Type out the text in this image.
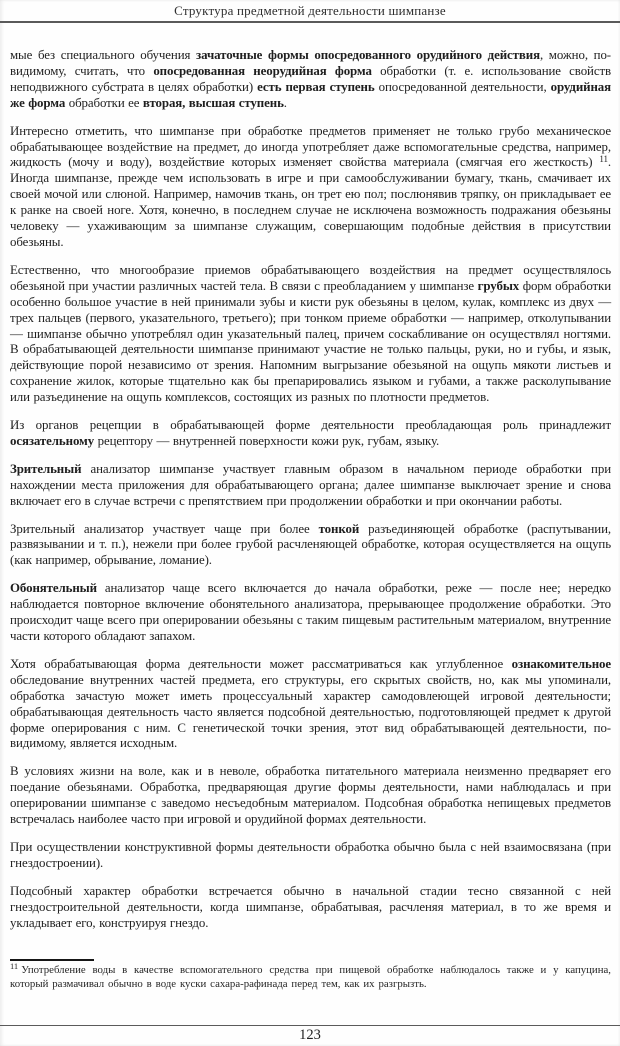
Структура предметной деятельности шимпанзе

мые без специального обучения зачаточные формы опосредованного орудийного действия, можно, по-видимому, считать, что опосредованная неорудийная форма обработки (т. е. использование свойств неподвижного субстрата в целях обработки) есть первая ступень опосредованной деятельности, орудийная же форма обработки ее вторая, высшая ступень.

Интересно отметить, что шимпанзе при обработке предметов применяет не только грубо механическое обрабатывающее воздействие на предмет, до иногда употребляет даже вспомогательные средства, например, жидкость (мочу и воду), воздействие которых изменяет свойства материала (смягчая его жесткость) $^{11}$. Иногда шимпанзе, прежде чем использовать в игре и при самообслуживании бумагу, ткань, смачивает их своей мочой или слюной. Например, намочив ткань, он трет ею пол; послюнявив тряпку, он прикладывает ее к ранке на своей ноге. Хотя, конечно, в последнем случае не исключена возможность подражания обезьяны человеку — ухаживающим за шимпанзе служащим, совершающим подобные действия в присутствии обезьяны.

Естественно, что многообразие приемов обрабатывающего воздействия на предмет осуществлялось обезьяной при участии различных частей тела. В связи с преобладанием у шимпанзе грубых форм обработки особенно большое участие в ней принимали зубы и кисти рук обезьяны в целом, кулак, комплекс из двух — трех пальцев (первого, указательного, третьего); при тонком приеме обработки — например, отколупывании — шимпанзе обычно употреблял один указательный палец, причем соскабливание он осуществлял ногтями. В обрабатывающей деятельности шимпанзе принимают участие не только пальцы, руки, но и губы, и язык, действующие порой независимо от зрения. Напомним выгрызание обезьяной на ощупь мякоти листьев и сохранение жилок, которые тщательно как бы препарировались языком и губами, а также расколупывание или разъединение на ощупь комплексов, состоящих из разных по плотности предметов.

Из органов рецепции в обрабатывающей форме деятельности преобладающая роль принадлежит осязательному рецептору — внутренней поверхности кожи рук, губам, языку.

Зрительный анализатор шимпанзе участвует главным образом в начальном периоде обработки при нахождении места приложения для обрабатывающего органа; далее шимпанзе выключает зрение и снова включает его в случае встречи с препятствием при продолжении обработки и при окончании работы.

Зрительный анализатор участвует чаще при более тонкой разъединяющей обработке (распутывании, развязывании и т. п.), нежели при более грубой расчленяющей обработке, которая осуществляется на ощупь (как например, обрывание, ломание).

Обонятельный анализатор чаще всего включается до начала обработки, реже — после нее; нередко наблюдается повторное включение обонятельного анализатора, прерывающее продолжение обработки. Это происходит чаще всего при оперировании обезьяны с таким пищевым растительным материалом, внутренние части которого обладают запахом.

Хотя обрабатывающая форма деятельности может рассматриваться как углубленное ознакомительное обследование внутренних частей предмета, его структуры, его скрытых свойств, но, как мы упоминали, обработка зачастую может иметь процессуальный характер самодовлеющей игровой деятельности; обрабатывающая деятельность часто является подсобной деятельностью, подготовляющей предмет к другой форме оперирования с ним. С генетической точки зрения, этот вид обрабатывающей деятельности, по-видимому, является исходным.

В условиях жизни на воле, как и в неволе, обработка питательного материала неизменно предваряет его поедание обезьянами. Обработка, предваряющая другие формы деятельности, нами наблюдалась и при оперировании шимпанзе с заведомо несъедобным материалом. Подсобная обработка непищевых предметов встречалась наиболее часто при игровой и орудийной формах деятельности.

При осуществлении конструктивной формы деятельности обработка обычно была с ней взаимосвязана (при гнездостроении).

Подсобный характер обработки встречается обычно в начальной стадии тесно связанной с ней гнездостроительной деятельности, когда шимпанзе, обрабатывая, расчленяя материал, в то же время и укладывает его, конструируя гнездо.

$^{11}$ Употребление воды в качестве вспомогательного средства при пищевой обработке наблюдалось также и у капуцина, который размачивал обычно в воде куски сахара-рафинада перед тем, как их разгрызть.

123
